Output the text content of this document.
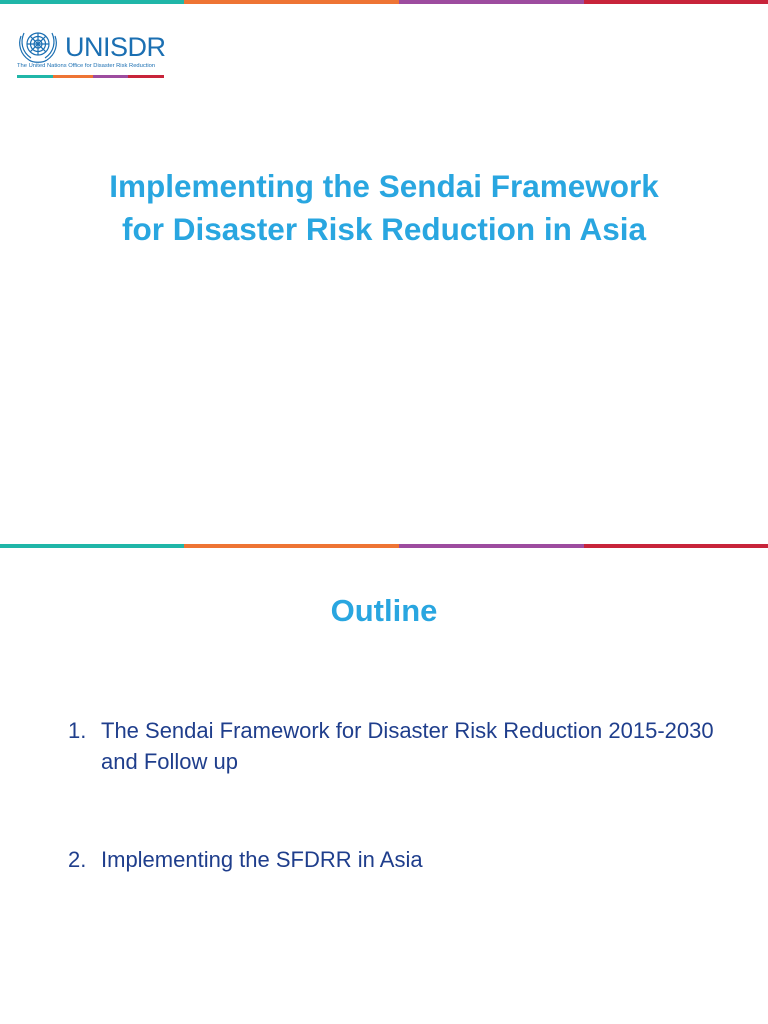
UNISDR
The United Nations Office for Disaster Risk Reduction
Implementing the Sendai Framework for Disaster Risk Reduction in Asia
Outline
1. The Sendai Framework for Disaster Risk Reduction 2015-2030 and Follow up
2. Implementing the SFDRR in Asia
